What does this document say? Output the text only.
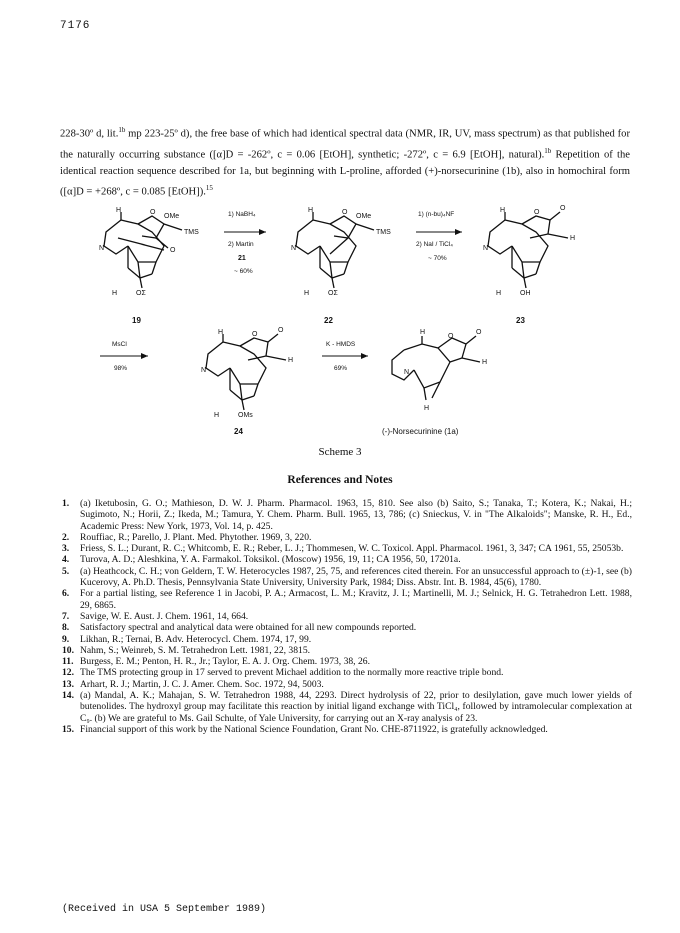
7176
228-30º d, lit.$^{1b}$ mp 223-25º d), the free base of which had identical spectral data (NMR, IR, UV, mass spectrum) as that published for the naturally occurring substance ([α]D = -262º, c = 0.06 [EtOH], synthetic; -272º, c = 6.9 [EtOH], natural).$^{1b}$ Repetition of the identical reaction sequence described for 1a, but beginning with L-proline, afforded (+)-norsecurinine (1b), also in homochiral form ([α]D = +268º, c = 0.085 [EtOH]).$^{15}$
H	O
OMe
TMS
O
N
H	OΣ
19
1) NaBH₄
2) Martin
21
~ 60%
H	O
OMe
TMS
N
H	OΣ
22
1) (n-bu)₄NF
2) NaI / TiCl₄
~ 70%
H	O
O
H
N
H	OH
23
MsCl
98%
H	O
O
H
N
H	OMs
24
K - HMDS
69%
H
O
O
H
N
H
(-)-Norsecurinine (1a)
Scheme 3
References and Notes
1.	(a) Iketubosin, G. O.; Mathieson, D. W. J. Pharm. Pharmacol. 1963, 15, 810. See also (b) Saito, S.; Tanaka, T.; Kotera, K.; Nakai, H.; Sugimoto, N.; Horii, Z.; Ikeda, M.; Tamura, Y. Chem. Pharm. Bull. 1965, 13, 786; (c) Snieckus, V. in "The Alkaloids"; Manske, R. H., Ed., Academic Press: New York, 1973, Vol. 14, p. 425.
2.	Rouffiac, R.; Parello, J. Plant. Med. Phytother. 1969, 3, 220.
3.	Friess, S. L.; Durant, R. C.; Whitcomb, E. R.; Reber, L. J.; Thommesen, W. C. Toxicol. Appl. Pharmacol. 1961, 3, 347; CA 1961, 55, 25053b.
4.	Turova, A. D.; Aleshkina, Y. A. Farmakol. Toksikol. (Moscow) 1956, 19, 11; CA 1956, 50, 17201a.
5.	(a) Heathcock, C. H.; von Geldern, T. W. Heterocycles 1987, 25, 75, and references cited therein. For an unsuccessful approach to (±)-1, see (b) Kucerovy, A. Ph.D. Thesis, Pennsylvania State University, University Park, 1984; Diss. Abstr. Int. B. 1984, 45(6), 1780.
6.	For a partial listing, see Reference 1 in Jacobi, P. A.; Armacost, L. M.; Kravitz, J. I.; Martinelli, M. J.; Selnick, H. G. Tetrahedron Lett. 1988, 29, 6865.
7.	Savige, W. E. Aust. J. Chem. 1961, 14, 664.
8.	Satisfactory spectral and analytical data were obtained for all new compounds reported.
9.	Likhan, R.; Ternai, B. Adv. Heterocycl. Chem. 1974, 17, 99.
10. Nahm, S.; Weinreb, S. M. Tetrahedron Lett. 1981, 22, 3815.
11. Burgess, E. M.; Penton, H. R., Jr.; Taylor, E. A. J. Org. Chem. 1973, 38, 26.
12. The TMS protecting group in 17 served to prevent Michael addition to the normally more reactive triple bond.
13. Arhart, R. J.; Martin, J. C. J. Amer. Chem. Soc. 1972, 94, 5003.
14. (a) Mandal, A. K.; Mahajan, S. W. Tetrahedron 1988, 44, 2293. Direct hydrolysis of 22, prior to desilylation, gave much lower yields of butenolides. The hydroxyl group may facilitate this reaction by initial ligand exchange with TiCl₄, followed by intramolecular complexation at C₉. (b) We are grateful to Ms. Gail Schulte, of Yale University, for carrying out an X-ray analysis of 23.
15. Financial support of this work by the National Science Foundation, Grant No. CHE-8711922, is gratefully acknowledged.
(Received in USA 5 September 1989)
